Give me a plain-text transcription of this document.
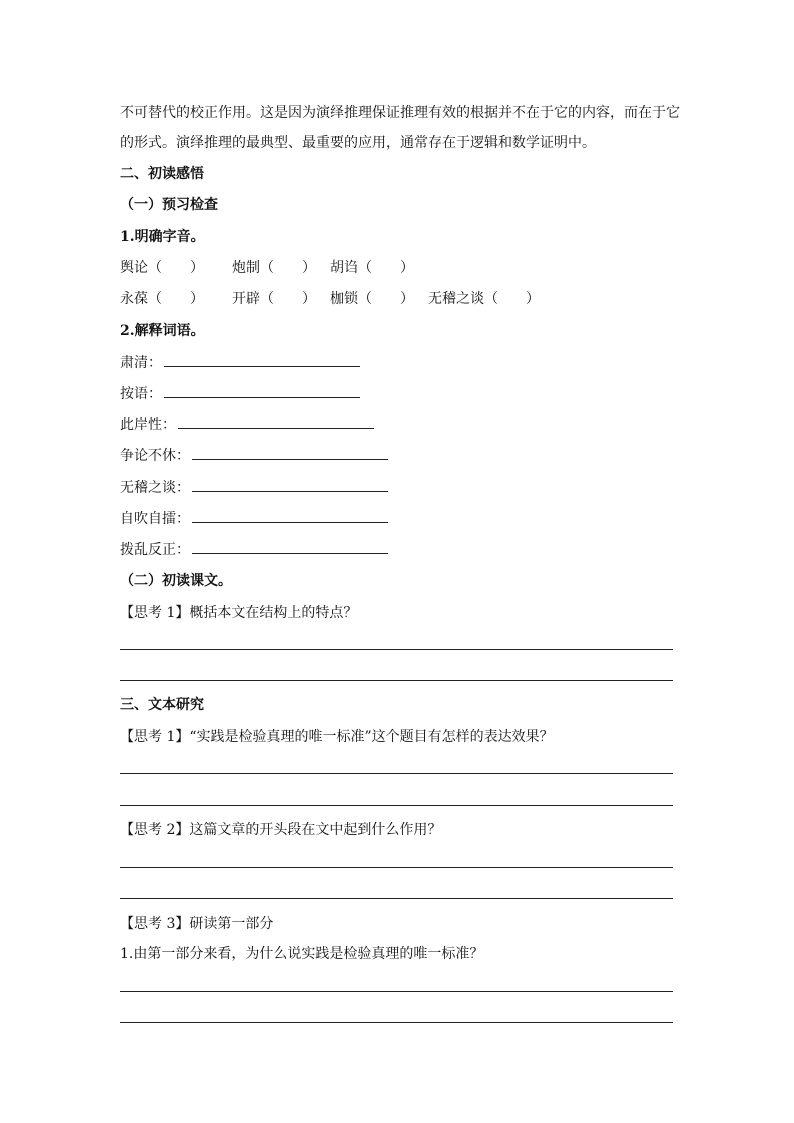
不可替代的校正作用。这是因为演绎推理保证推理有效的根据并不在于它的内容，而在于它
的形式。演绎推理的最典型、最重要的应用，通常存在于逻辑和数学证明中。
二、初读感悟
（一）预习检查
1.明确字音。
舆论（　　） 炮制（　　） 胡诌（　　）
永葆（　　） 开辟（　　） 枷锁（　　） 无稽之谈（　　）
2.解释词语。
肃清：
按语：
此岸性：
争论不休：
无稽之谈：
自吹自擂：
拨乱反正：
（二）初读课文。
【思考 1】概括本文在结构上的特点？
三、文本研究
【思考 1】“实践是检验真理的唯一标准”这个题目有怎样的表达效果？
【思考 2】这篇文章的开头段在文中起到什么作用？
【思考 3】研读第一部分
1.由第一部分来看，为什么说实践是检验真理的唯一标准？
